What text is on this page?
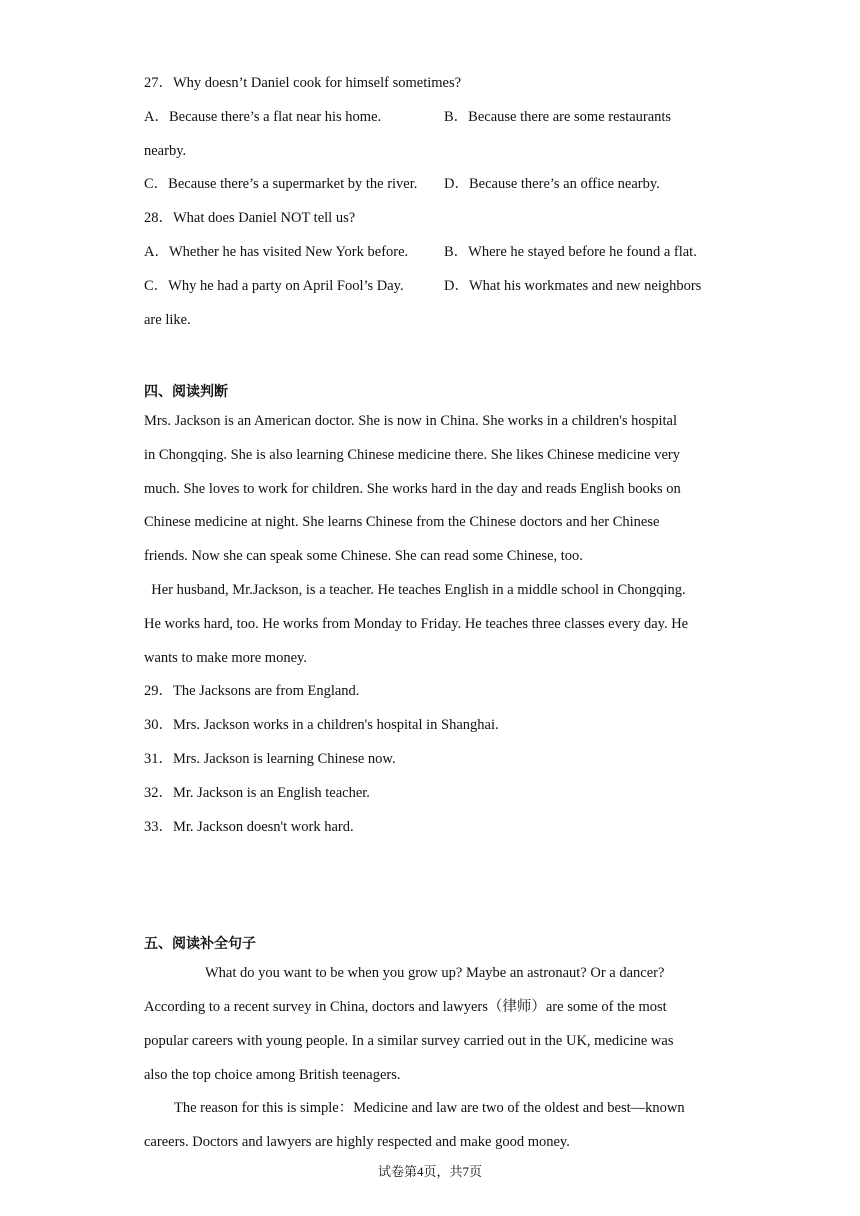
27．Why doesn’t Daniel cook for himself sometimes?
A．Because there’s a flat near his home.	B．Because there are some restaurants
nearby.
C．Because there’s a supermarket by the river. D．Because there’s an office nearby.
28．What does Daniel NOT tell us?
A．Whether he has visited New York before. B．Where he stayed before he found a flat.
C．Why he had a party on April Fool’s Day.	D．What his workmates and new neighbors
are like.
四、阅读判断
Mrs. Jackson is an American doctor. She is now in China. She works in a children's hospital
in Chongqing. She is also learning Chinese medicine there. She likes Chinese medicine very
much. She loves to work for children. She works hard in the day and reads English books on
Chinese medicine at night. She learns Chinese from the Chinese doctors and her Chinese
friends. Now she can speak some Chinese. She can read some Chinese, too.
Her husband, Mr.Jackson, is a teacher. He teaches English in a middle school in Chongqing.
He works hard, too. He works from Monday to Friday. He teaches three classes every day. He
wants to make more money.
29．The Jacksons are from England.
30．Mrs. Jackson works in a children's hospital in Shanghai.
31．Mrs. Jackson is learning Chinese now.
32．Mr. Jackson is an English teacher.
33．Mr. Jackson doesn't work hard.
五、阅读补全句子
What do you want to be when you grow up? Maybe an astronaut? Or a dancer?
According to a recent survey in China, doctors and lawyers（律师）are some of the most
popular careers with young people. In a similar survey carried out in the UK, medicine was
also the top choice among British teenagers.
The reason for this is simple：Medicine and law are two of the oldest and best—known
careers. Doctors and lawyers are highly respected and make good money.
试卷第4页，共7页
